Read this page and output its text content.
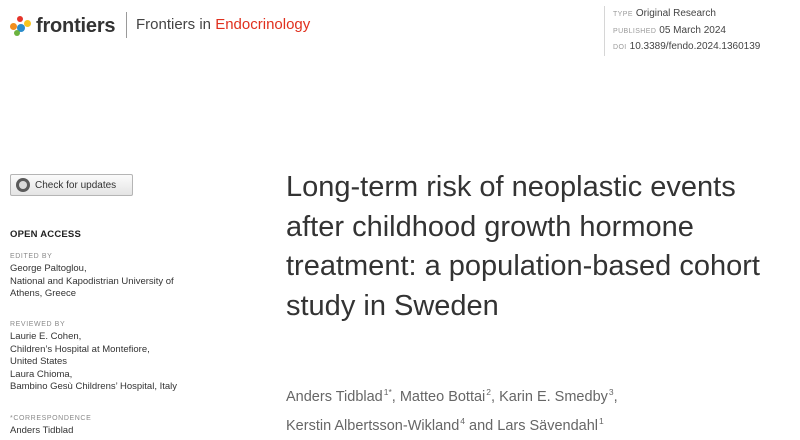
frontiers Frontiers in Endocrinology
TYPE Original Research
PUBLISHED 05 March 2024
DOI 10.3389/fendo.2024.1360139
Check for updates
OPEN ACCESS
EDITED BY
George Paltoglou,
National and Kapodistrian University of
Athens, Greece
REVIEWED BY
Laurie E. Cohen,
Children’s Hospital at Montefiore,
United States
Laura Chioma,
Bambino Gesù Childrens’ Hospital, Italy
*CORRESPONDENCE
Anders Tidblad
Long-term risk of neoplastic events after childhood growth hormone treatment: a population-based cohort study in Sweden
Anders Tidblad$^{1*}$, Matteo Bottai$^2$, Karin E. Smedby$^3$,
Kerstin Albertsson-Wikland$^4$ and Lars Sävendahl$^1$
